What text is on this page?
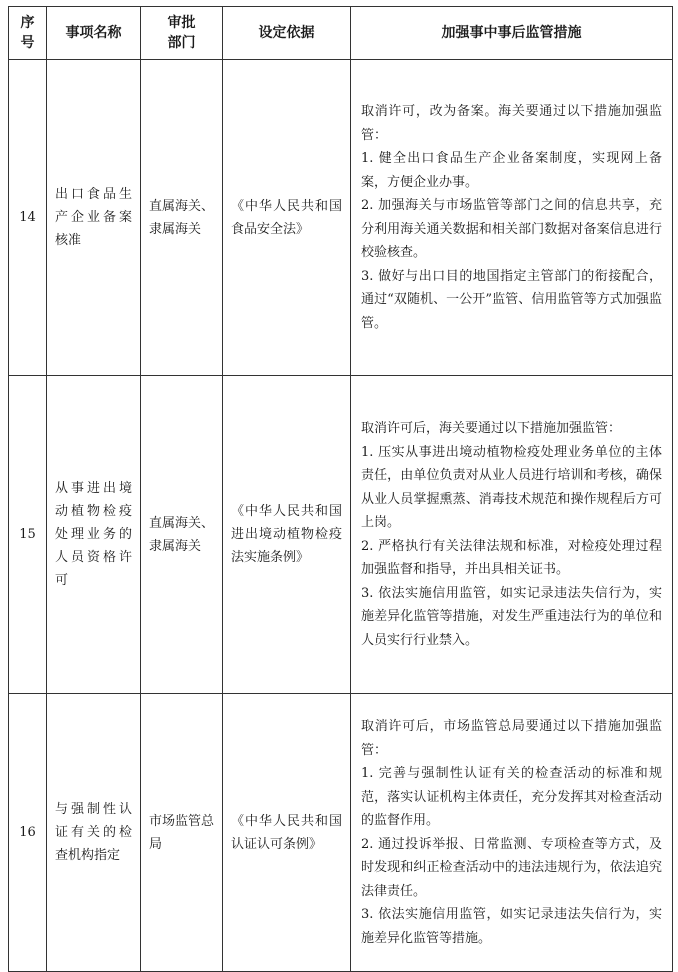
序号	事项名称	审批部门	设定依据	加强事中事后监管措施
14	出口食品生产企业备案核准	直属海关、隶属海关	《中华人民共和国食品安全法》	取消许可，改为备案。海关要通过以下措施加强监管：
1. 健全出口食品生产企业备案制度，实现网上备案，方便企业办事。
2. 加强海关与市场监管等部门之间的信息共享，充分利用海关通关数据和相关部门数据对备案信息进行校验核查。
3. 做好与出口目的地国指定主管部门的衔接配合，通过“双随机、一公开”监管、信用监管等方式加强监管。

15	从事进出境动植物检疫处理业务的人员资格许可	直属海关、隶属海关	《中华人民共和国进出境动植物检疫法实施条例》	取消许可后，海关要通过以下措施加强监管：
1. 压实从事进出境动植物检疫处理业务单位的主体责任，由单位负责对从业人员进行培训和考核，确保从业人员掌握熏蒸、消毒技术规范和操作规程后方可上岗。
2. 严格执行有关法律法规和标准，对检疫处理过程加强监督和指导，并出具相关证书。
3. 依法实施信用监管，如实记录违法失信行为，实施差异化监管等措施，对发生严重违法行为的单位和人员实行行业禁入。

16	与强制性认证有关的检查机构指定	市场监管总局	《中华人民共和国认证认可条例》	取消许可后，市场监管总局要通过以下措施加强监管：
1. 完善与强制性认证有关的检查活动的标准和规范，落实认证机构主体责任，充分发挥其对检查活动的监督作用。
2. 通过投诉举报、日常监测、专项检查等方式，及时发现和纠正检查活动中的违法违规行为，依法追究法律责任。
3. 依法实施信用监管，如实记录违法失信行为，实施差异化监管等措施。
